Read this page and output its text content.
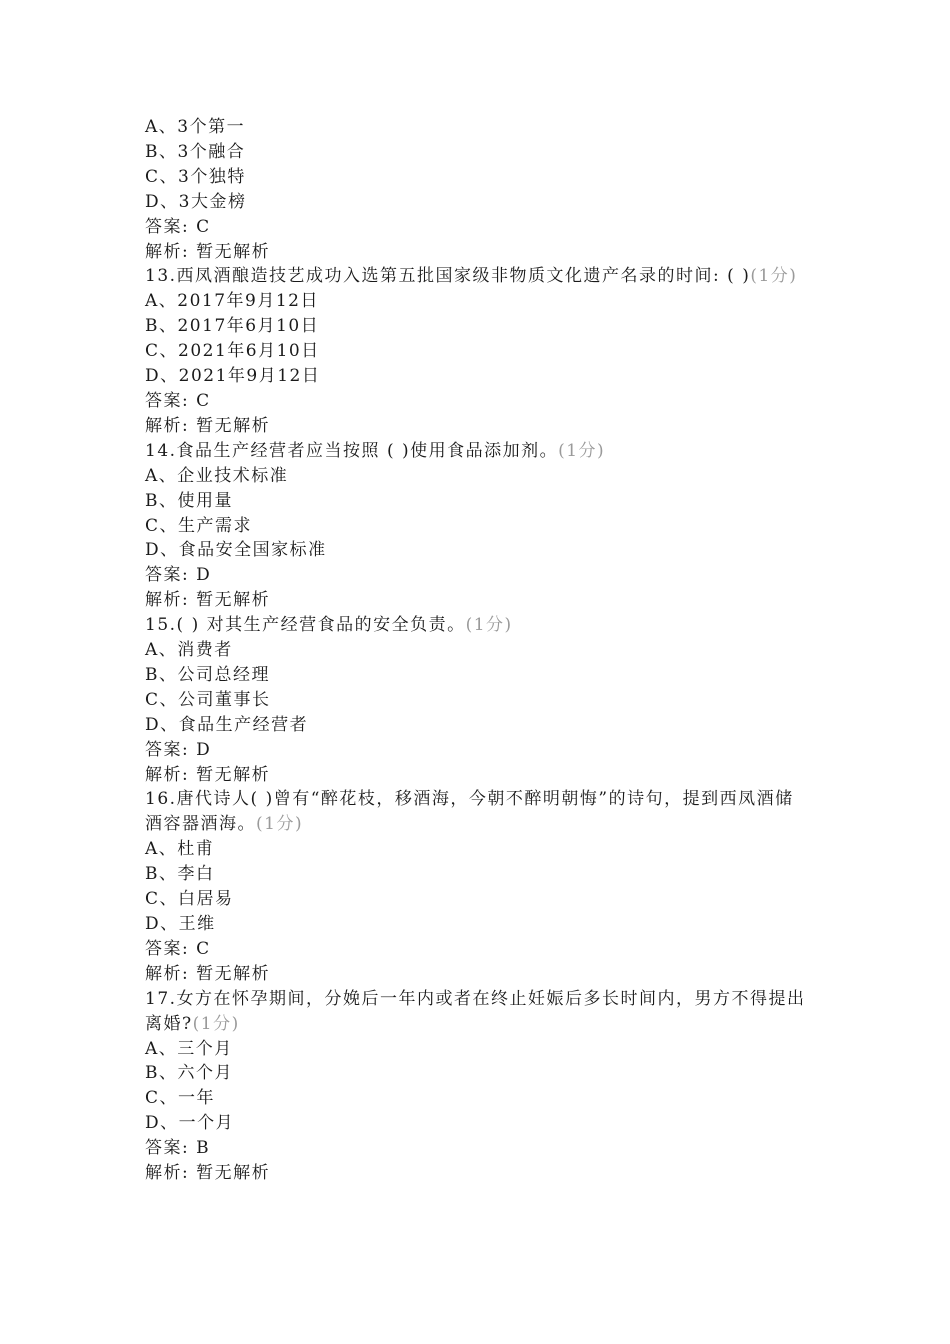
A、3个第一
B、3个融合
C、3个独特
D、3大金榜
答案: C
解析: 暂无解析
13.西凤酒酿造技艺成功入选第五批国家级非物质文化遗产名录的时间: ( )(1分)
A、2017年9月12日
B、2017年6月10日
C、2021年6月10日
D、2021年9月12日
答案: C
解析: 暂无解析
14.食品生产经营者应当按照 ( )使用食品添加剂。(1分)
A、企业技术标准
B、使用量
C、生产需求
D、食品安全国家标准
答案: D
解析: 暂无解析
15.( ) 对其生产经营食品的安全负责。(1分)
A、消费者
B、公司总经理
C、公司董事长
D、食品生产经营者
答案: D
解析: 暂无解析
16.唐代诗人( )曾有“醉花枝，移酒海，今朝不醉明朝悔”的诗句，提到西凤酒储酒容器酒海。(1分)
A、杜甫
B、李白
C、白居易
D、王维
答案: C
解析: 暂无解析
17.女方在怀孕期间，分娩后一年内或者在终止妊娠后多长时间内，男方不得提出离婚?(1分)
A、三个月
B、六个月
C、一年
D、一个月
答案: B
解析: 暂无解析
